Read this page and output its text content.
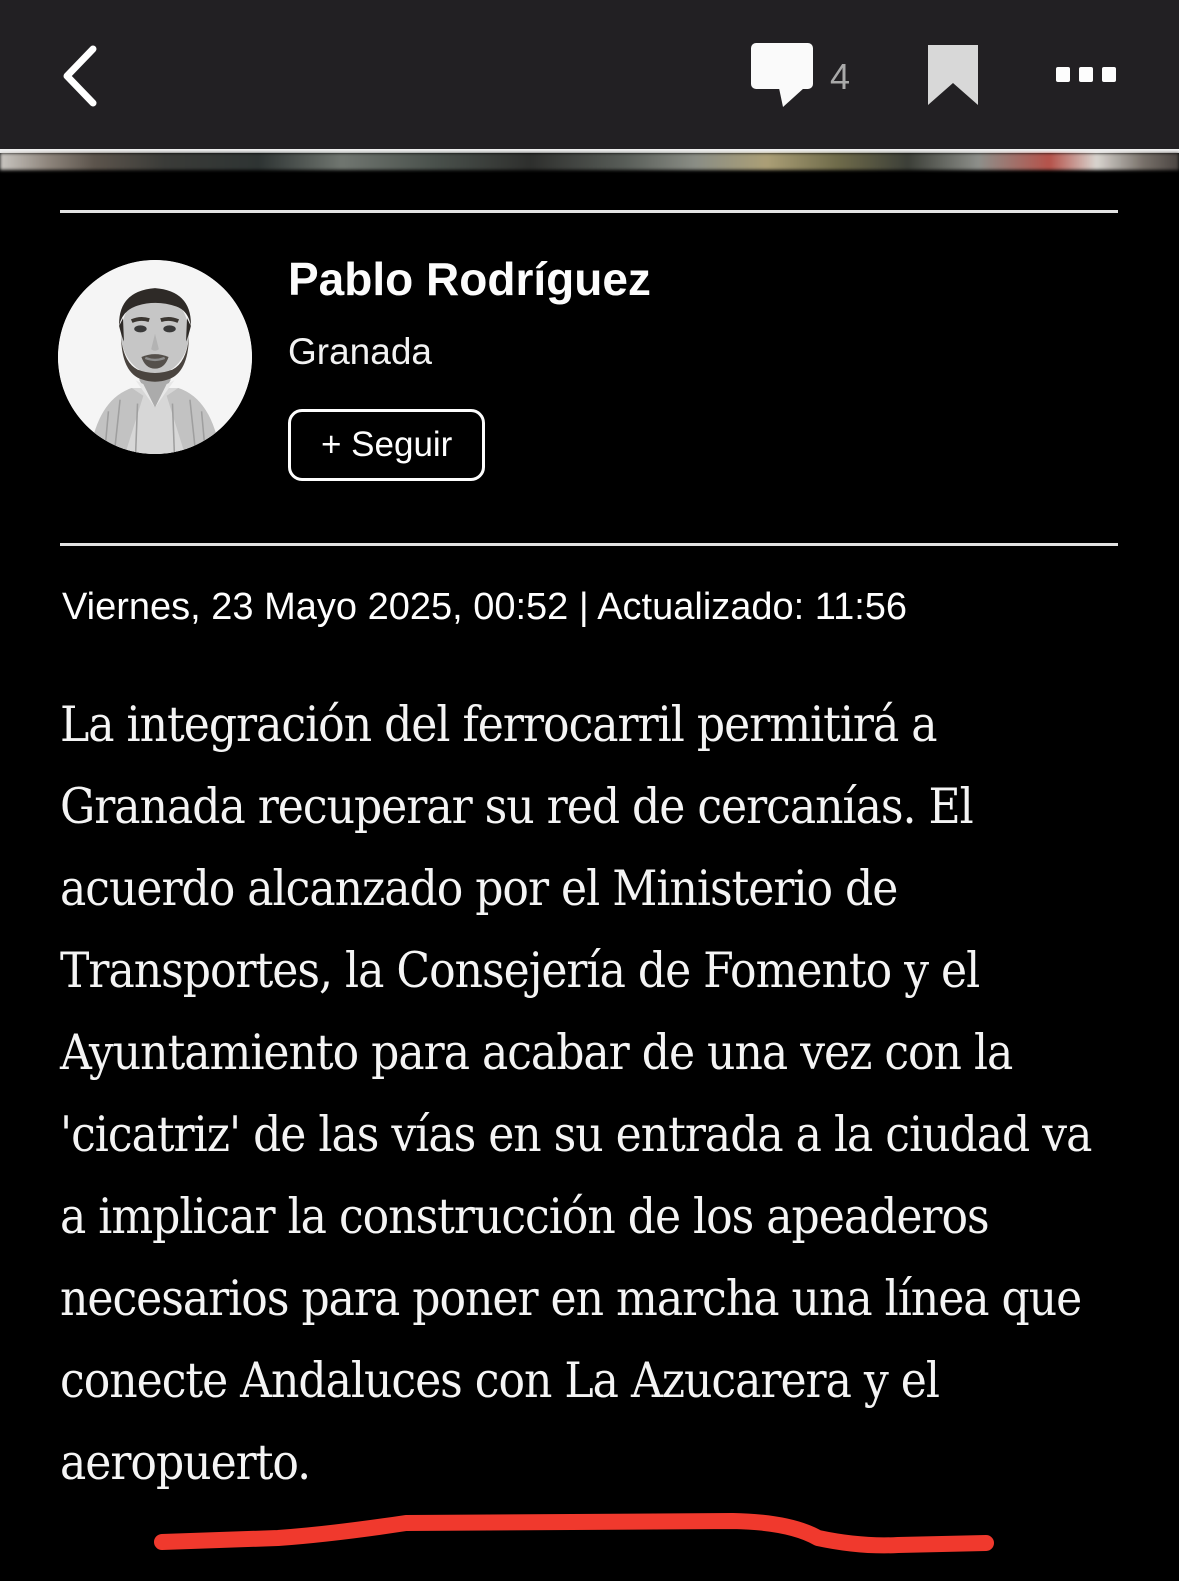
4
Pablo Rodríguez
Granada
+ Seguir
Viernes, 23 Mayo 2025, 00:52 | Actualizado: 11:56

La integración del ferrocarril permitirá a Granada recuperar su red de cercanías. El acuerdo alcanzado por el Ministerio de Transportes, la Consejería de Fomento y el Ayuntamiento para acabar de una vez con la 'cicatriz' de las vías en su entrada a la ciudad va a implicar la construcción de los apeaderos necesarios para poner en marcha una línea que conecte Andaluces con La Azucarera y el aeropuerto.
